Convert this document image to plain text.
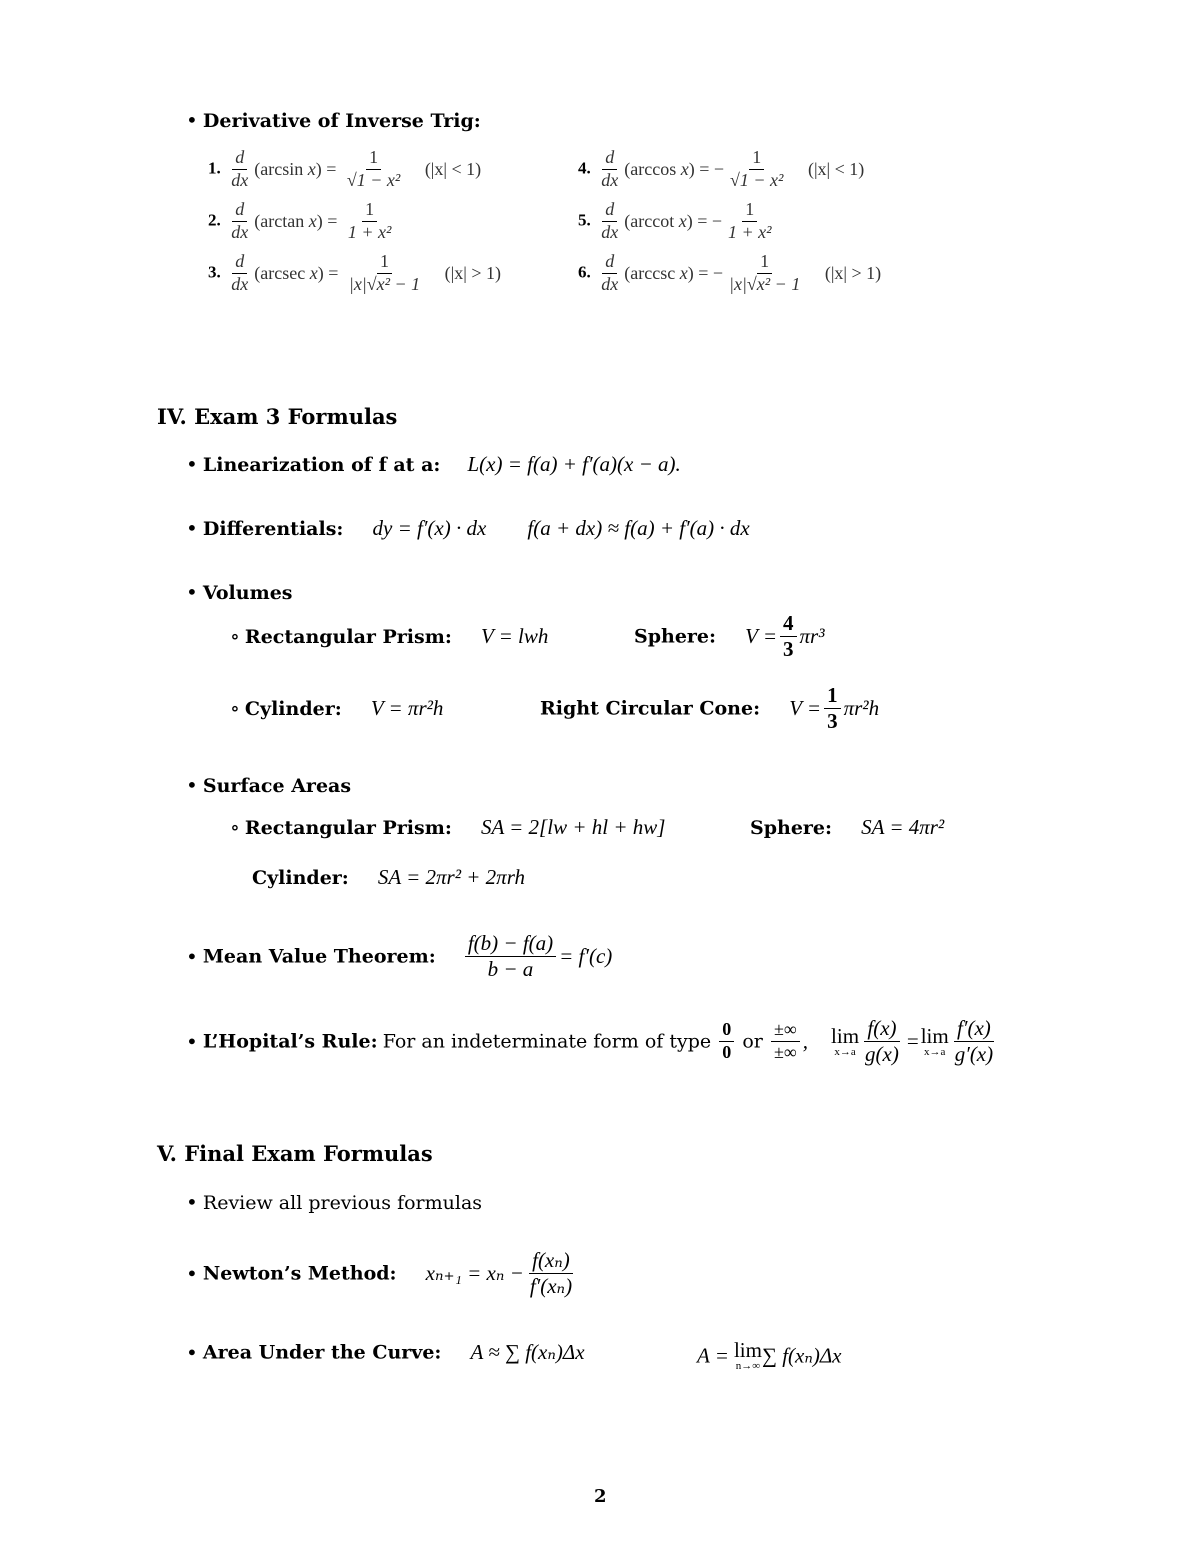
• Derivative of Inverse Trig:
1. $\frac{d}{dx} (\arcsin$ $x) = \frac{1}{\text{√1 − x²}} (|x| < 1)$
2. $\frac{d}{dx} (\arctan$ $x) = \frac{1}{\text{1 + x²}}$
3. $\frac{d}{dx} (arcsec$ $x) = \frac{1}{\text{|x|√x² − 1}} (|x| > 1)$
4. $\frac{d}{dx} (\arccos$ x) = − $\frac{1}{\text{√1 − x²}} (|x| < 1)$
5. $\frac{d}{dx} (arccot$ x) = − $\frac{1}{\text{1 + x²}}$
6. $\frac{d}{dx} (arccsc$ x) = − $\frac{1}{\text{|x|√x² − 1}} (|x| > 1)$
IV. Exam 3 Formulas
• Linearization of f at a: L(x) = f(a) + f′(a)(x − a).
• Differentials: dy = f′(x) · dx f(a + dx) ≈ f(a) + f′(a) · dx
• Volumes
∘ Rectangular Prism: V = lwh	Sphere: $V = \frac{4}{3} \pi r^3$
∘ Cylinder: V = πr²h	Right Circular Cone: $V = \frac{1}{3} \pi r^2h$
• Surface Areas
∘ Rectangular Prism: SA = 2[lw + hl + hw]	Sphere: SA = 4πr²
Cylinder: SA = 2πr² + 2πrh
• Mean Value Theorem: $\frac{f(b) - f(a)}{b - a} = f'(c)$
• L’Hopital’s Rule: For an indeterminate form of type $\frac{0}{0}$ or $\frac{\pm\infty}{\pm\infty}$ , lim
$x\to a \frac{f(x)}{g(x)} = \lim$
$x\to a \frac{f'(x)}{g'(x)}$
V. Final Exam Formulas
• Review all previous formulas
• Newton’s Method: $x_{n+1} = x_n - \frac{\text{f(xₙ)}}{\text{f′(xₙ)}}$
• Area Under the Curve: A ≈ ∑ f(xₙ)Δx	A = lim
n→∞ ∑ f(xₙ)Δx
2
